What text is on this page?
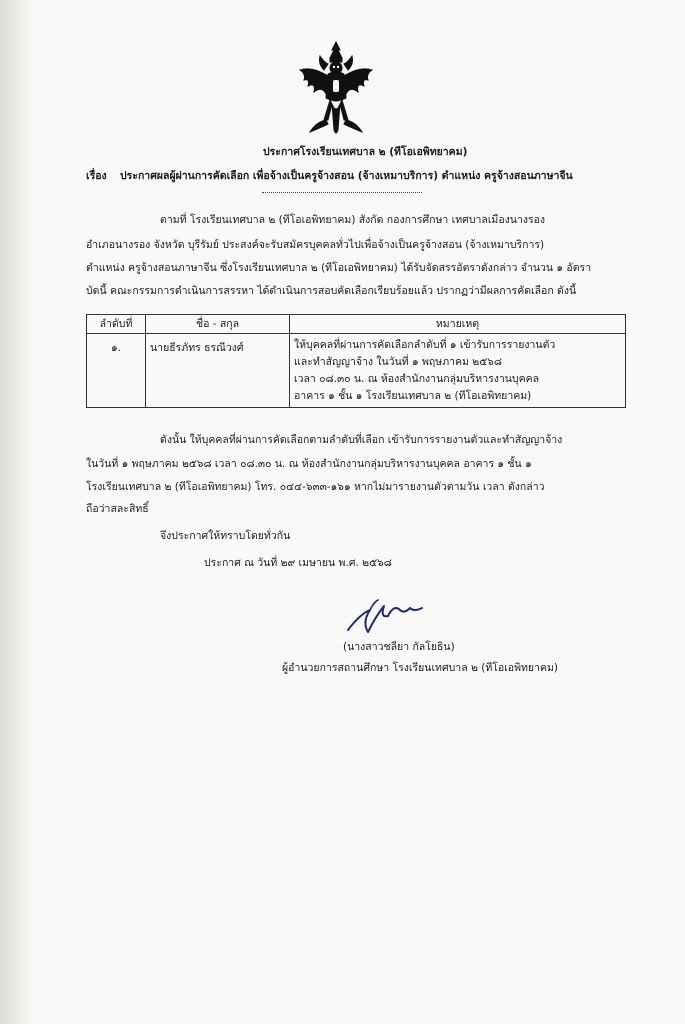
ประกาศโรงเรียนเทศบาล ๒ (ทีโอเอพิทยาคม)
เรื่อง ประกาศผลผู้ผ่านการคัดเลือก เพื่อจ้างเป็นครูจ้างสอน (จ้างเหมาบริการ) ตำแหน่ง ครูจ้างสอนภาษาจีน
ตามที่ โรงเรียนเทศบาล ๒ (ทีโอเอพิทยาคม) สังกัด กองการศึกษา เทศบาลเมืองนางรอง
อำเภอนางรอง จังหวัด บุรีรัมย์ ประสงค์จะรับสมัครบุคคลทั่วไปเพื่อจ้างเป็นครูจ้างสอน (จ้างเหมาบริการ)
ตำแหน่ง ครูจ้างสอนภาษาจีน ซึ่งโรงเรียนเทศบาล ๒ (ทีโอเอพิทยาคม) ได้รับจัดสรรอัตราดังกล่าว จำนวน ๑ อัตรา
บัดนี้ คณะกรรมการดำเนินการสรรหา ได้ดำเนินการสอบคัดเลือกเรียบร้อยแล้ว ปรากฏว่ามีผลการคัดเลือก ดังนี้
ลำดับที่	ชื่อ - สกุล	หมายเหตุ
๑.	นายธีรภัทร ธรณีวงศ์	ให้บุคคลที่ผ่านการคัดเลือกลำดับที่ ๑ เข้ารับการรายงานตัว
และทำสัญญาจ้าง ในวันที่ ๑ พฤษภาคม ๒๕๖๘
เวลา ๐๘.๓๐ น. ณ ห้องสำนักงานกลุ่มบริหารงานบุคคล
อาคาร ๑ ชั้น ๑ โรงเรียนเทศบาล ๒ (ทีโอเอพิทยาคม)
ดังนั้น ให้บุคคลที่ผ่านการคัดเลือกตามลำดับที่เลือก เข้ารับการรายงานตัวและทำสัญญาจ้าง
ในวันที่ ๑ พฤษภาคม ๒๕๖๘ เวลา ๐๘.๓๐ น. ณ ห้องสำนักงานกลุ่มบริหารงานบุคคล อาคาร ๑ ชั้น ๑
โรงเรียนเทศบาล ๒ (ทีโอเอพิทยาคม) โทร. ๐๔๔-๖๓๓-๑๖๑ หากไม่มารายงานตัวตามวัน เวลา ดังกล่าว
ถือว่าสละสิทธิ์
จึงประกาศให้ทราบโดยทั่วกัน
ประกาศ ณ วันที่ ๒๙ เมษายน พ.ศ. ๒๕๖๘
(นางสาวชลียา กัลโยธิน)
ผู้อำนวยการสถานศึกษา โรงเรียนเทศบาล ๒ (ทีโอเอพิทยาคม)
